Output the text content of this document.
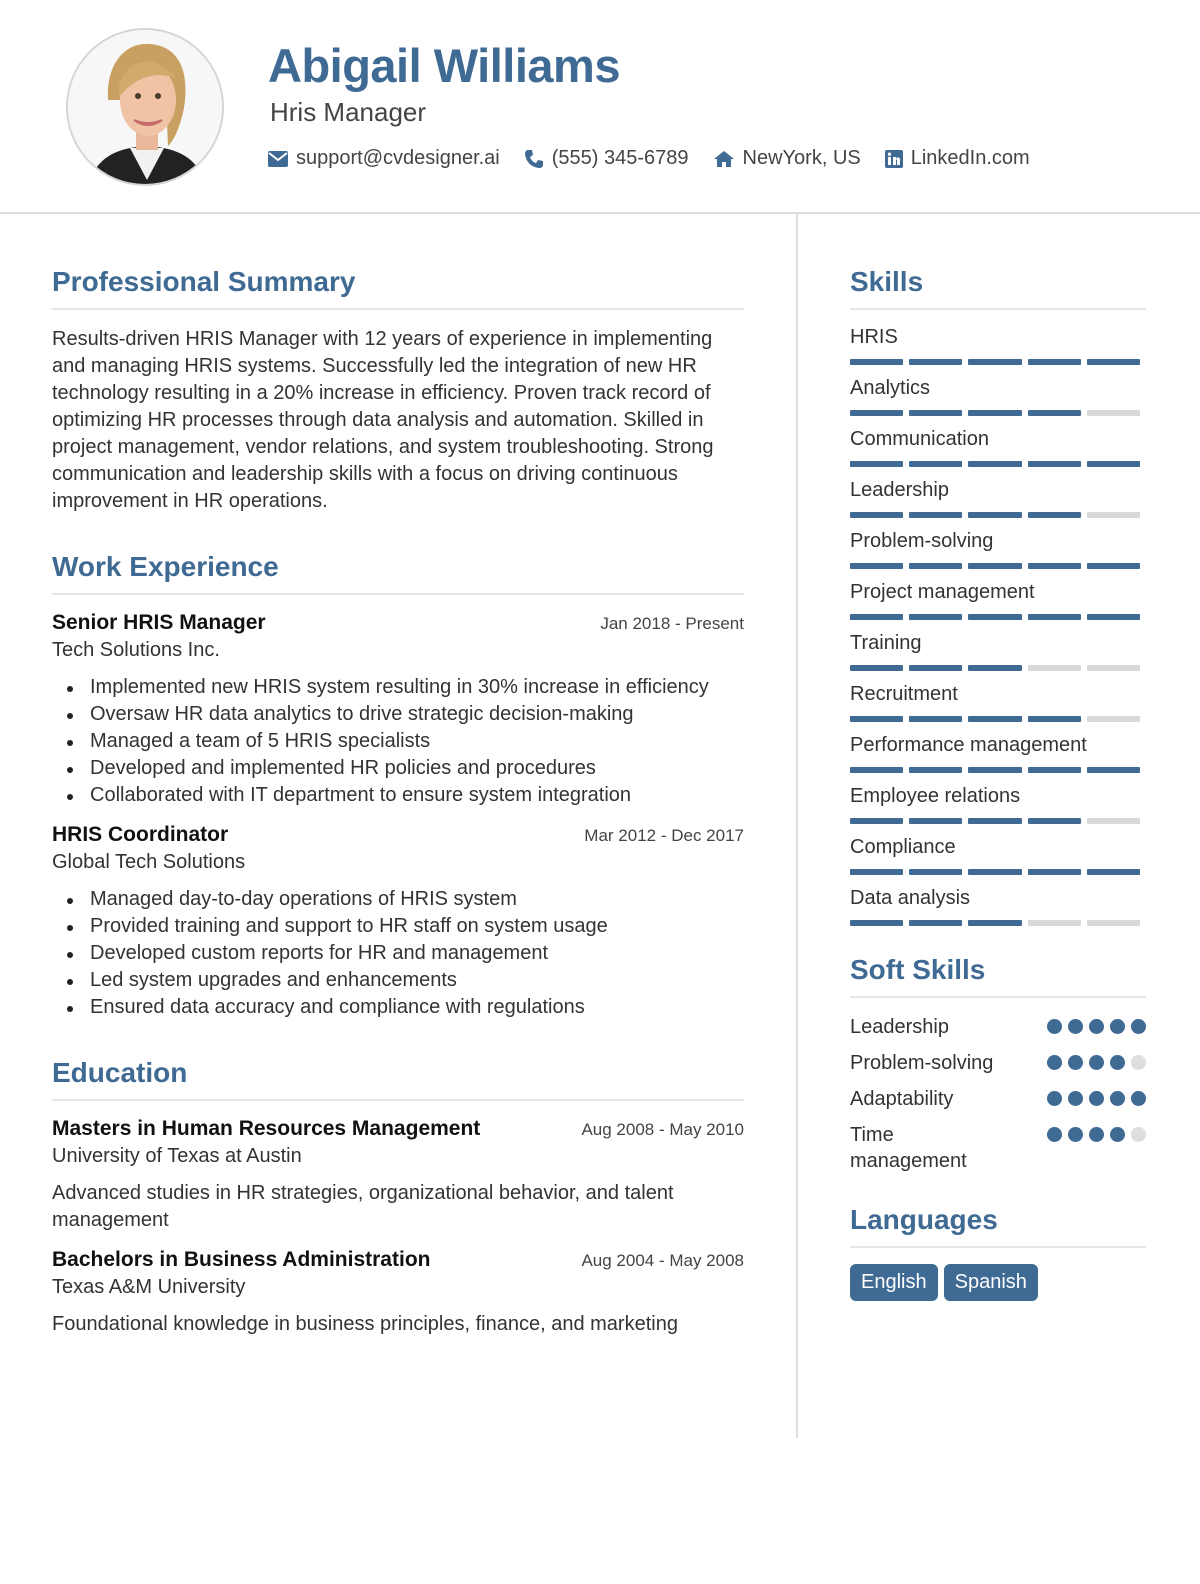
Abigail Williams
Hris Manager
support@cvdesigner.ai	(555) 345-6789	NewYork, US	LinkedIn.com
Professional Summary

Results-driven HRIS Manager with 12 years of experience in implementing and managing HRIS systems. Successfully led the integration of new HR technology resulting in a 20% increase in efficiency. Proven track record of optimizing HR processes through data analysis and automation. Skilled in project management, vendor relations, and system troubleshooting. Strong communication and leadership skills with a focus on driving continuous improvement in HR operations.

Work Experience
Senior HRIS Manager	Jan 2018 - Present
Tech Solutions Inc.
Implemented new HRIS system resulting in 30% increase in efficiency
Oversaw HR data analytics to drive strategic decision-making
Managed a team of 5 HRIS specialists
Developed and implemented HR policies and procedures
Collaborated with IT department to ensure system integration
HRIS Coordinator	Mar 2012 - Dec 2017
Global Tech Solutions
Managed day-to-day operations of HRIS system
Provided training and support to HR staff on system usage
Developed custom reports for HR and management
Led system upgrades and enhancements
Ensured data accuracy and compliance with regulations
Education
Masters in Human Resources Management	Aug 2008 - May 2010
University of Texas at Austin

Advanced studies in HR strategies, organizational behavior, and talent management

Bachelors in Business Administration	Aug 2004 - May 2008
Texas A&M University

Foundational knowledge in business principles, finance, and marketing

Skills
HRIS
Analytics
Communication
Leadership
Problem-solving
Project management
Training
Recruitment
Performance management
Employee relations
Compliance
Data analysis
Soft Skills
Leadership
Problem-solving
Adaptability
Time management
Languages
English	Spanish
